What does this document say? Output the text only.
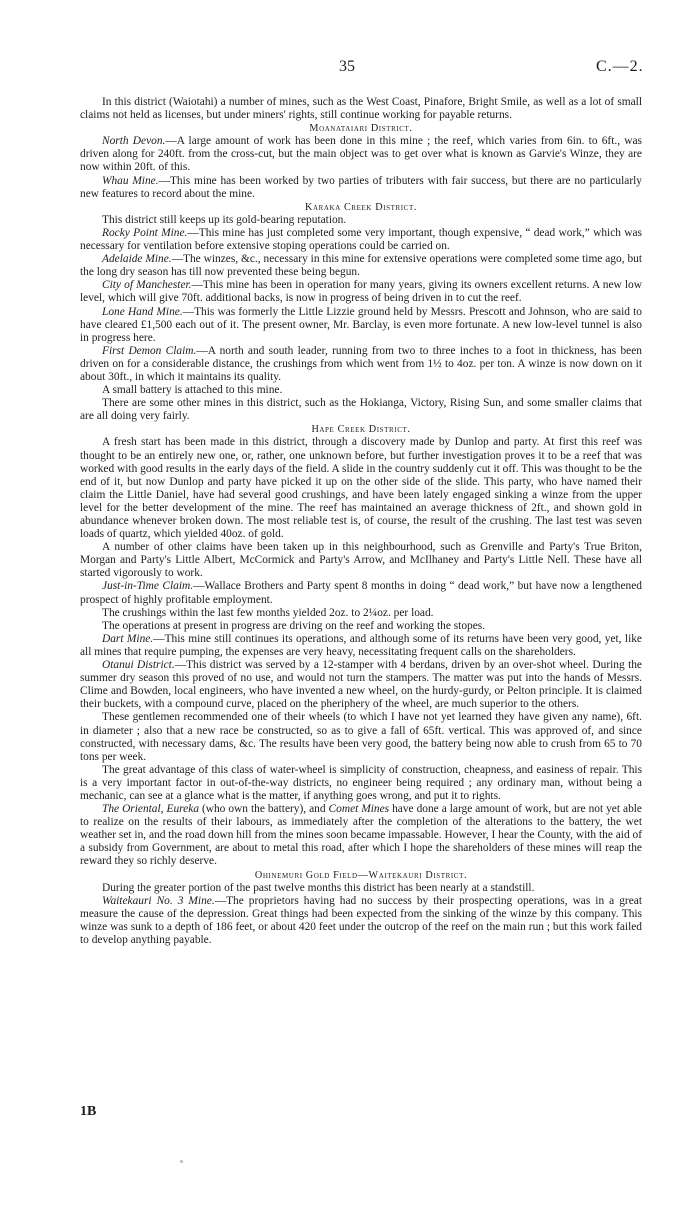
35	C.—2.

In this district (Waiotahi) a number of mines, such as the West Coast, Pinafore, Bright Smile, as well as a lot of small claims not held as licenses, but under miners' rights, still continue working for payable returns.

Moanataiari District.

North Devon.—A large amount of work has been done in this mine ; the reef, which varies from 6in. to 6ft., was driven along for 240ft. from the cross-cut, but the main object was to get over what is known as Garvie's Winze, they are now within 20ft. of this.

Whau Mine.—This mine has been worked by two parties of tributers with fair success, but there are no particularly new features to record about the mine.

Karaka Creek District.

This district still keeps up its gold-bearing reputation.

Rocky Point Mine.—This mine has just completed some very important, though expensive, “ dead work,” which was necessary for ventilation before extensive stoping operations could be carried on.

Adelaide Mine.—The winzes, &c., necessary in this mine for extensive operations were completed some time ago, but the long dry season has till now prevented these being begun.

City of Manchester.—This mine has been in operation for many years, giving its owners excellent returns. A new low level, which will give 70ft. additional backs, is now in progress of being driven in to cut the reef.

Lone Hand Mine.—This was formerly the Little Lizzie ground held by Messrs. Prescott and Johnson, who are said to have cleared £1,500 each out of it. The present owner, Mr. Barclay, is even more fortunate. A new low-level tunnel is also in progress here.

First Demon Claim.—A north and south leader, running from two to three inches to a foot in thickness, has been driven on for a considerable distance, the crushings from which went from 1½ to 4oz. per ton. A winze is now down on it about 30ft., in which it maintains its quality.

A small battery is attached to this mine.

There are some other mines in this district, such as the Hokianga, Victory, Rising Sun, and some smaller claims that are all doing very fairly.

Hape Creek District.

A fresh start has been made in this district, through a discovery made by Dunlop and party. At first this reef was thought to be an entirely new one, or, rather, one unknown before, but further investigation proves it to be a reef that was worked with good results in the early days of the field. A slide in the country suddenly cut it off. This was thought to be the end of it, but now Dunlop and party have picked it up on the other side of the slide. This party, who have named their claim the Little Daniel, have had several good crushings, and have been lately engaged sinking a winze from the upper level for the better development of the mine. The reef has maintained an average thickness of 2ft., and shown gold in abundance whenever broken down. The most reliable test is, of course, the result of the crushing. The last test was seven loads of quartz, which yielded 40oz. of gold.

A number of other claims have been taken up in this neighbourhood, such as Grenville and Party's True Briton, Morgan and Party's Little Albert, McCormick and Party's Arrow, and McIlhaney and Party's Little Nell. These have all started vigorously to work.

Just-in-Time Claim.—Wallace Brothers and Party spent 8 months in doing “ dead work,” but have now a lengthened prospect of highly profitable employment.

The crushings within the last few months yielded 2oz. to 2¼oz. per load.

The operations at present in progress are driving on the reef and working the stopes.

Dart Mine.—This mine still continues its operations, and although some of its returns have been very good, yet, like all mines that require pumping, the expenses are very heavy, necessitating frequent calls on the shareholders.

Otanui District.—This district was served by a 12-stamper with 4 berdans, driven by an over-shot wheel. During the summer dry season this proved of no use, and would not turn the stampers. The matter was put into the hands of Messrs. Clime and Bowden, local engineers, who have invented a new wheel, on the hurdy-gurdy, or Pelton principle. It is claimed their buckets, with a compound curve, placed on the pheriphery of the wheel, are much superior to the others.

These gentlemen recommended one of their wheels (to which I have not yet learned they have given any name), 6ft. in diameter ; also that a new race be constructed, so as to give a fall of 65ft. vertical. This was approved of, and since constructed, with necessary dams, &c. The results have been very good, the battery being now able to crush from 65 to 70 tons per week.

The great advantage of this class of water-wheel is simplicity of construction, cheapness, and easiness of repair. This is a very important factor in out-of-the-way districts, no engineer being required ; any ordinary man, without being a mechanic, can see at a glance what is the matter, if anything goes wrong, and put it to rights.

The Oriental, Eureka (who own the battery), and Comet Mines have done a large amount of work, but are not yet able to realize on the results of their labours, as immediately after the completion of the alterations to the battery, the wet weather set in, and the road down hill from the mines soon became impassable. However, I hear the County, with the aid of a subsidy from Government, are about to metal this road, after which I hope the shareholders of these mines will reap the reward they so richly deserve.

Ohinemuri Gold Field—Waitekauri District.

During the greater portion of the past twelve months this district has been nearly at a standstill.

Waitekauri No. 3 Mine.—The proprietors having had no success by their prospecting operations, was in a great measure the cause of the depression. Great things had been expected from the sinking of the winze by this company. This winze was sunk to a depth of 186 feet, or about 420 feet under the outcrop of the reef on the main run ; but this work failed to develop anything payable.

1B
